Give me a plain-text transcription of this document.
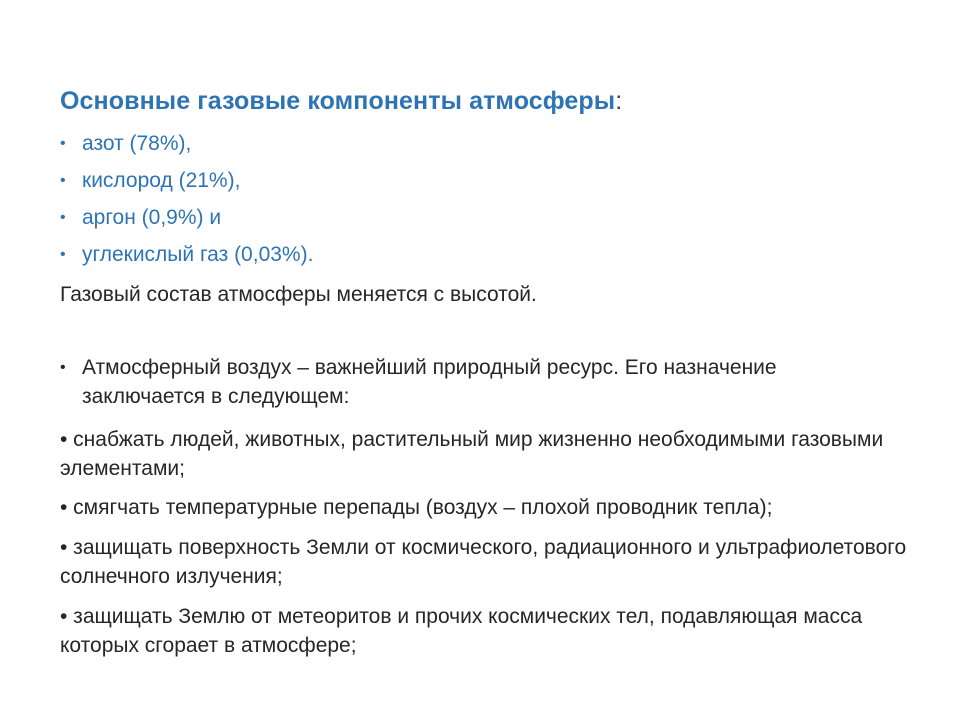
Основные газовые компоненты атмосферы:
• азот (78%),
• кислород (21%),
• аргон (0,9%) и
• углекислый газ (0,03%).
Газовый состав атмосферы меняется с высотой.
• Атмосферный воздух – важнейший природный ресурс. Его назначение заключается в следующем:
• снабжать людей, животных, растительный мир жизненно необходимыми газовыми элементами;
• смягчать температурные перепады (воздух – плохой проводник тепла);
• защищать поверхность Земли от космического, радиационного и ультрафиолетового солнечного излучения;
• защищать Землю от метеоритов и прочих космических тел, подавляющая масса которых сгорает в атмосфере;
